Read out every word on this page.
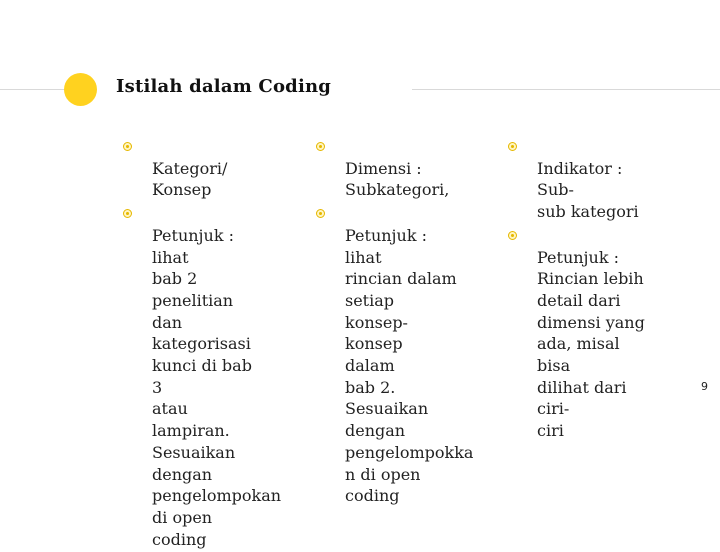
Istilah dalam Coding

Kategori/
Konsep

Petunjuk : lihat
bab 2 penelitian
dan
kategorisasi
kunci di bab 3
atau lampiran.
Sesuaikan
dengan
pengelompokan
di open coding

Dimensi :
Subkategori,

Petunjuk : lihat
rincian dalam
setiap konsep-
konsep dalam
bab 2.
Sesuaikan
dengan
pengelompokka
n di open
coding

Indikator : Sub-
sub kategori

Petunjuk :
Rincian lebih
detail dari
dimensi yang
ada, misal bisa
dilihat dari ciri-
ciri

9
